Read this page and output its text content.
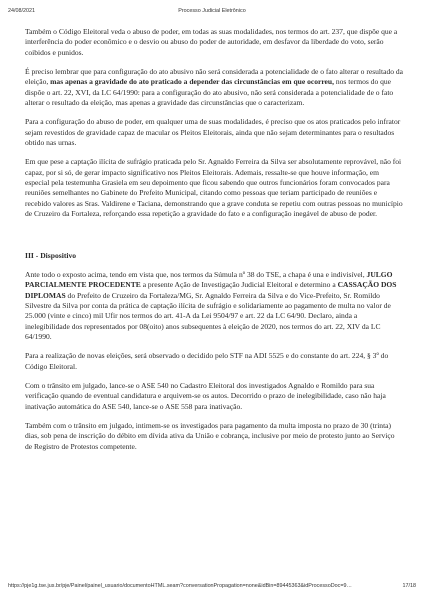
24/08/2021	Processo Judicial Eletrônico

Também o Código Eleitoral veda o abuso de poder, em todas as suas modalidades, nos termos do art. 237, que dispõe que a interferência do poder econômico e o desvio ou abuso do poder de autoridade, em desfavor da liberdade do voto, serão coibidos e punidos.

É preciso lembrar que para configuração do ato abusivo não será considerada a potencialidade de o fato alterar o resultado da eleição, mas apenas a gravidade do ato praticado a depender das circunstâncias em que ocorreu, nos termos do que dispõe o art. 22, XVI, da LC 64/1990: para a configuração do ato abusivo, não será considerada a potencialidade de o fato alterar o resultado da eleição, mas apenas a gravidade das circunstâncias que o caracterizam.

Para a configuração do abuso de poder, em qualquer uma de suas modalidades, é preciso que os atos praticados pelo infrator sejam revestidos de gravidade capaz de macular os Pleitos Eleitorais, ainda que não sejam determinantes para o resultados obtido nas urnas.

Em que pese a captação ilícita de sufrágio praticada pelo Sr. Agnaldo Ferreira da Silva ser absolutamente reprovável, não foi capaz, por si só, de gerar impacto significativo nos Pleitos Eleitorais. Ademais, ressalte-se que houve informação, em especial pela testemunha Grasiela em seu depoimento que ficou sabendo que outros funcionários foram convocados para reuniões semelhantes no Gabinete do Prefeito Municipal, citando como pessoas que teriam participado de reuniões e recebido valores as Sras. Valdirene e Taciana, demonstrando que a grave conduta se repetiu com outras pessoas no município de Cruzeiro da Fortaleza, reforçando essa repetição a gravidade do fato e a configuração inegável de abuso de poder.

III - Dispositivo

Ante todo o exposto acima, tendo em vista que, nos termos da Súmula nº 38 do TSE, a chapa é una e indivisível, JULGO PARCIALMENTE PROCEDENTE a presente Ação de Investigação Judicial Eleitoral e determino a CASSAÇÃO DOS DIPLOMAS do Prefeito de Cruzeiro da Fortaleza/MG, Sr. Agnaldo Ferreira da Silva e do Vice-Prefeito, Sr. Romildo Silvestre da Silva por conta da prática de captação ilícita de sufrágio e solidariamente ao pagamento de multa no valor de 25.000 (vinte e cinco) mil Ufir nos termos do art. 41-A da Lei 9504/97 e art. 22 da LC 64/90. Declaro, ainda a inelegibilidade dos representados por 08(oito) anos subsequentes à eleição de 2020, nos termos do art. 22, XIV da LC 64/1990.

Para a realização de novas eleições, será observado o decidido pelo STF na ADI 5525 e do constante do art. 224, § 3º do Código Eleitoral.

Com o trânsito em julgado, lance-se o ASE 540 no Cadastro Eleitoral dos investigados Agnaldo e Romildo para sua verificação quando de eventual candidatura e arquivem-se os autos. Decorrido o prazo de inelegibilidade, caso não haja inativação automática do ASE 540, lance-se o ASE 558 para inativação.

Também com o trânsito em julgado, intimem-se os investigados para pagamento da multa imposta no prazo de 30 (trinta) dias, sob pena de inscrição do débito em dívida ativa da União e cobrança, inclusive por meio de protesto junto ao Serviço de Registro de Protestos competente.

https://pje1g.tse.jus.br/pje/Painel/painel_usuario/documentoHTML.seam?conversationPropagation=none&idBin=89445363&idProcessoDoc=9…	17/18
